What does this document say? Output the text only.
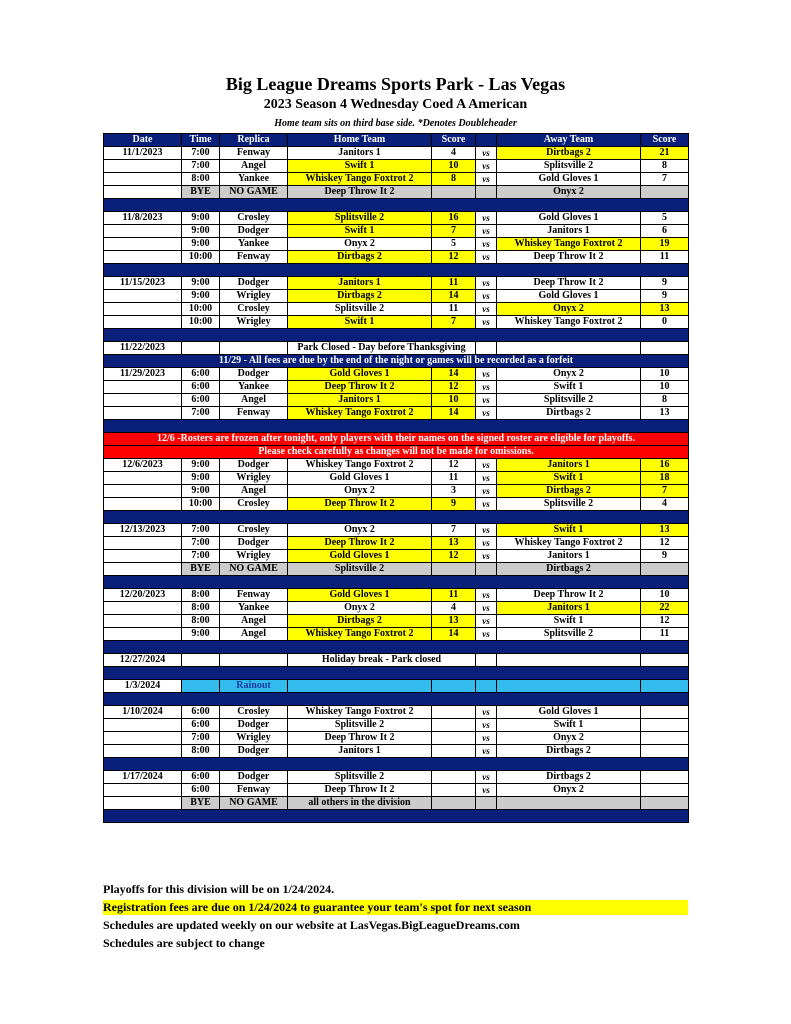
Big League Dreams Sports Park - Las Vegas
2023 Season 4 Wednesday Coed A American
Home team sits on third base side. *Denotes Doubleheader
Date	Time	Replica	Home Team	Score		Away Team	Score
11/1/2023	7:00	Fenway	Janitors 1	4	vs	Dirtbags 2	21
	7:00	Angel	Swift 1	10	vs	Splitsville 2	8
	8:00	Yankee	Whiskey Tango Foxtrot 2	8	vs	Gold Gloves 1	7
	BYE	NO GAME	Deep Throw It 2			Onyx 2	

11/8/2023	9:00	Crosley	Splitsville 2	16	vs	Gold Gloves 1	5
	9:00	Dodger	Swift 1	7	vs	Janitors 1	6
	9:00	Yankee	Onyx 2	5	vs	Whiskey Tango Foxtrot 2	19
	10:00	Fenway	Dirtbags 2	12	vs	Deep Throw It 2	11

11/15/2023	9:00	Dodger	Janitors 1	11	vs	Deep Throw It 2	9
	9:00	Wrigley	Dirtbags 2	14	vs	Gold Gloves 1	9
	10:00	Crosley	Splitsville 2	11	vs	Onyx 2	13
	10:00	Wrigley	Swift 1	7	vs	Whiskey Tango Foxtrot 2	0

11/22/2023			Park Closed - Day before Thanksgiving				
11/29 - All fees are due by the end of the night or games will be recorded as a forfeit							
11/29/2023	6:00	Dodger	Gold Gloves 1	14	vs	Onyx 2	10
	6:00	Yankee	Deep Throw It 2	12	vs	Swift 1	10
	6:00	Angel	Janitors 1	10	vs	Splitsville 2	8
	7:00	Fenway	Whiskey Tango Foxtrot 2	14	vs	Dirtbags 2	13

12/6 -Rosters are frozen after tonight, only players with their names on the signed roster are eligible for playoffs.							
Please check carefully as changes will not be made for omissions.							
12/6/2023	9:00	Dodger	Whiskey Tango Foxtrot 2	12	vs	Janitors 1	16
	9:00	Wrigley	Gold Gloves 1	11	vs	Swift 1	18
	9:00	Angel	Onyx 2	3	vs	Dirtbags 2	7
	10:00	Crosley	Deep Throw It 2	9	vs	Splitsville 2	4

12/13/2023	7:00	Crosley	Onyx 2	7	vs	Swift 1	13
	7:00	Dodger	Deep Throw It 2	13	vs	Whiskey Tango Foxtrot 2	12
	7:00	Wrigley	Gold Gloves 1	12	vs	Janitors 1	9
	BYE	NO GAME	Splitsville 2			Dirtbags 2	

12/20/2023	8:00	Fenway	Gold Gloves 1	11	vs	Deep Throw It 2	10
	8:00	Yankee	Onyx 2	4	vs	Janitors 1	22
	8:00	Angel	Dirtbags 2	13	vs	Swift 1	12
	9:00	Angel	Whiskey Tango Foxtrot 2	14	vs	Splitsville 2	11

12/27/2024			Holiday break - Park closed				

1/3/2024		Rainout					

1/10/2024	6:00	Crosley	Whiskey Tango Foxtrot 2		vs	Gold Gloves 1	
	6:00	Dodger	Splitsville 2		vs	Swift 1	
	7:00	Wrigley	Deep Throw It 2		vs	Onyx 2	
	8:00	Dodger	Janitors 1		vs	Dirtbags 2	

1/17/2024	6:00	Dodger	Splitsville 2		vs	Dirtbags 2	
	6:00	Fenway	Deep Throw It 2		vs	Onyx 2	
	BYE	NO GAME	all others in the division				

Playoffs for this division will be on 1/24/2024.
Registration fees are due on 1/24/2024 to guarantee your team's spot for next season
Schedules are updated weekly on our website at LasVegas.BigLeagueDreams.com
Schedules are subject to change
